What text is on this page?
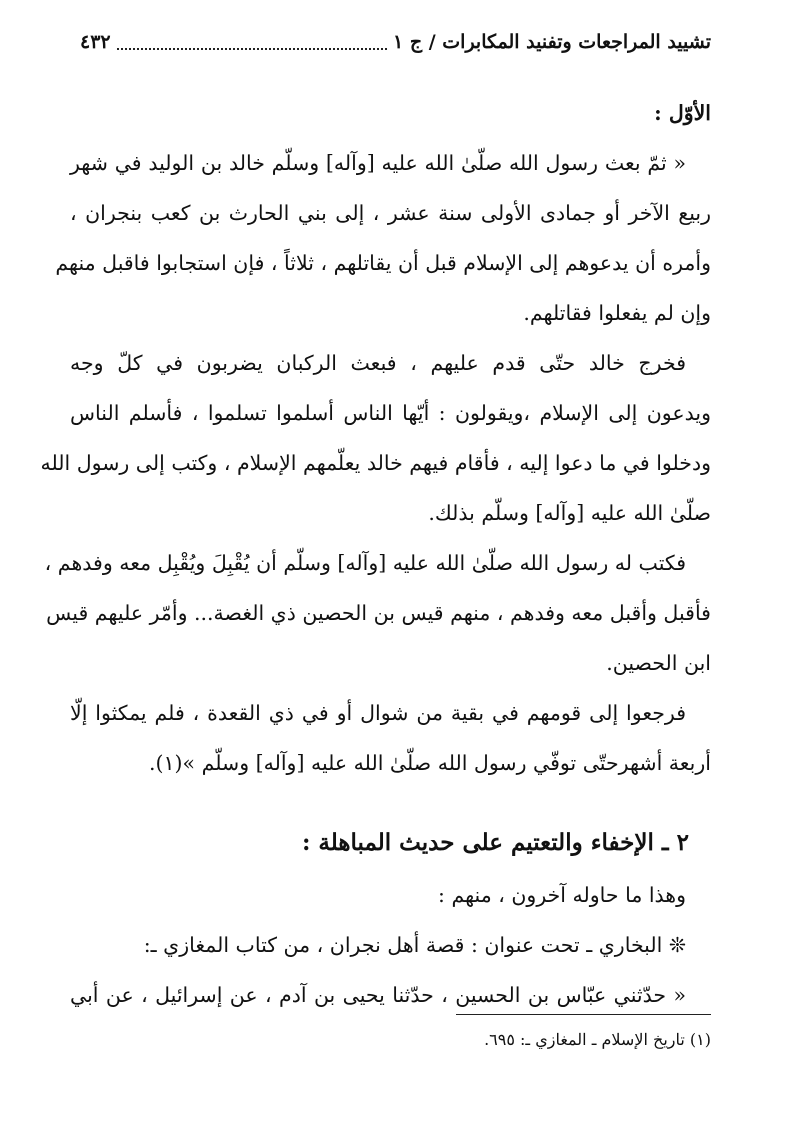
تشييد المراجعات وتفنيد المكابرات / ج ١
٤٣٢
الأوّل :
« ثمّ بعث رسول الله صلّىٰ الله عليه [وآله] وسلّم خالد بن الوليد في شهر
ربيع الآخر أو جمادى الأولى سنة عشر ، إلى بني الحارث بن كعب بنجران ،
وأمره أن يدعوهم إلى الإسلام قبل أن يقاتلهم ، ثلاثاً ، فإن استجابوا فاقبل منهم
وإن لم يفعلوا فقاتلهم.
فخرج خالد حتّى قدم عليهم ، فبعث الركبان يضربون في كلّ وجه
ويدعون إلى الإسلام ،ويقولون : أيّها الناس أسلموا تسلموا ، فأسلم الناس
ودخلوا في ما دعوا إليه ، فأقام فيهم خالد يعلّمهم الإسلام ، وكتب إلى رسول الله
صلّىٰ الله عليه [وآله] وسلّم بذلك.
فكتب له رسول الله صلّىٰ الله عليه [وآله] وسلّم أن يُقْبِلَ ويُقْبِل معه وفدهم ،
فأقبل وأقبل معه وفدهم ، منهم قيس بن الحصين ذي الغصة... وأمّر عليهم قيس
ابن الحصين.
فرجعوا إلى قومهم في بقية من شوال أو في ذي القعدة ، فلم يمكثوا إلّا
أربعة أشهرحتّى توفّي رسول الله صلّىٰ الله عليه [وآله] وسلّم »(١).
٢ ـ الإخفاء والتعتيم على حديث المباهلة :
وهذا ما حاوله آخرون ، منهم :
❊ البخاري ـ تحت عنوان : قصة أهل نجران ، من كتاب المغازي ـ:
« حدّثني عبّاس بن الحسين ، حدّثنا يحيى بن آدم ، عن إسرائيل ، عن أبي
(١) تاريخ الإسلام ـ المغازي ـ: ٦٩٥.
